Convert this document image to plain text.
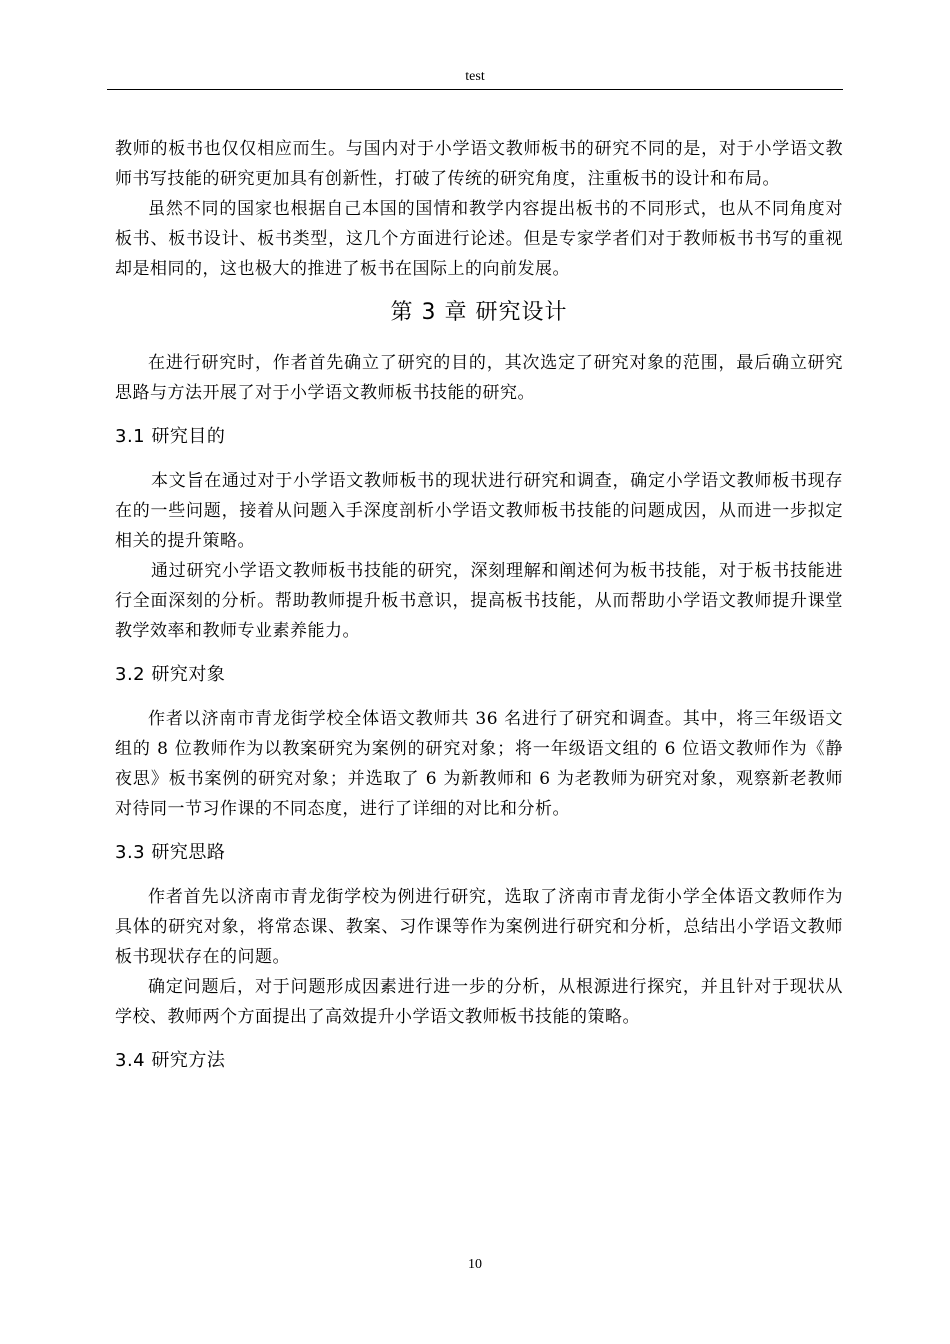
test

教师的板书也仅仅相应而生。与国内对于小学语文教师板书的研究不同的是，对于小学语文教师书写技能的研究更加具有创新性，打破了传统的研究角度，注重板书的设计和布局。

虽然不同的国家也根据自己本国的国情和教学内容提出板书的不同形式，也从不同角度对板书、板书设计、板书类型，这几个方面进行论述。但是专家学者们对于教师板书书写的重视却是相同的，这也极大的推进了板书在国际上的向前发展。

第 3 章 研究设计

在进行研究时，作者首先确立了研究的目的，其次选定了研究对象的范围，最后确立研究思路与方法开展了对于小学语文教师板书技能的研究。

3.1 研究目的

本文旨在通过对于小学语文教师板书的现状进行研究和调查，确定小学语文教师板书现存在的一些问题，接着从问题入手深度剖析小学语文教师板书技能的问题成因，从而进一步拟定相关的提升策略。

通过研究小学语文教师板书技能的研究，深刻理解和阐述何为板书技能，对于板书技能进行全面深刻的分析。帮助教师提升板书意识，提高板书技能，从而帮助小学语文教师提升课堂教学效率和教师专业素养能力。

3.2 研究对象

作者以济南市青龙街学校全体语文教师共 36 名进行了研究和调查。其中，将三年级语文组的 8 位教师作为以教案研究为案例的研究对象；将一年级语文组的 6 位语文教师作为《静夜思》板书案例的研究对象；并选取了 6 为新教师和 6 为老教师为研究对象，观察新老教师对待同一节习作课的不同态度，进行了详细的对比和分析。

3.3 研究思路

作者首先以济南市青龙街学校为例进行研究，选取了济南市青龙街小学全体语文教师作为具体的研究对象，将常态课、教案、习作课等作为案例进行研究和分析，总结出小学语文教师板书现状存在的问题。

确定问题后，对于问题形成因素进行进一步的分析，从根源进行探究，并且针对于现状从学校、教师两个方面提出了高效提升小学语文教师板书技能的策略。

3.4 研究方法
10
